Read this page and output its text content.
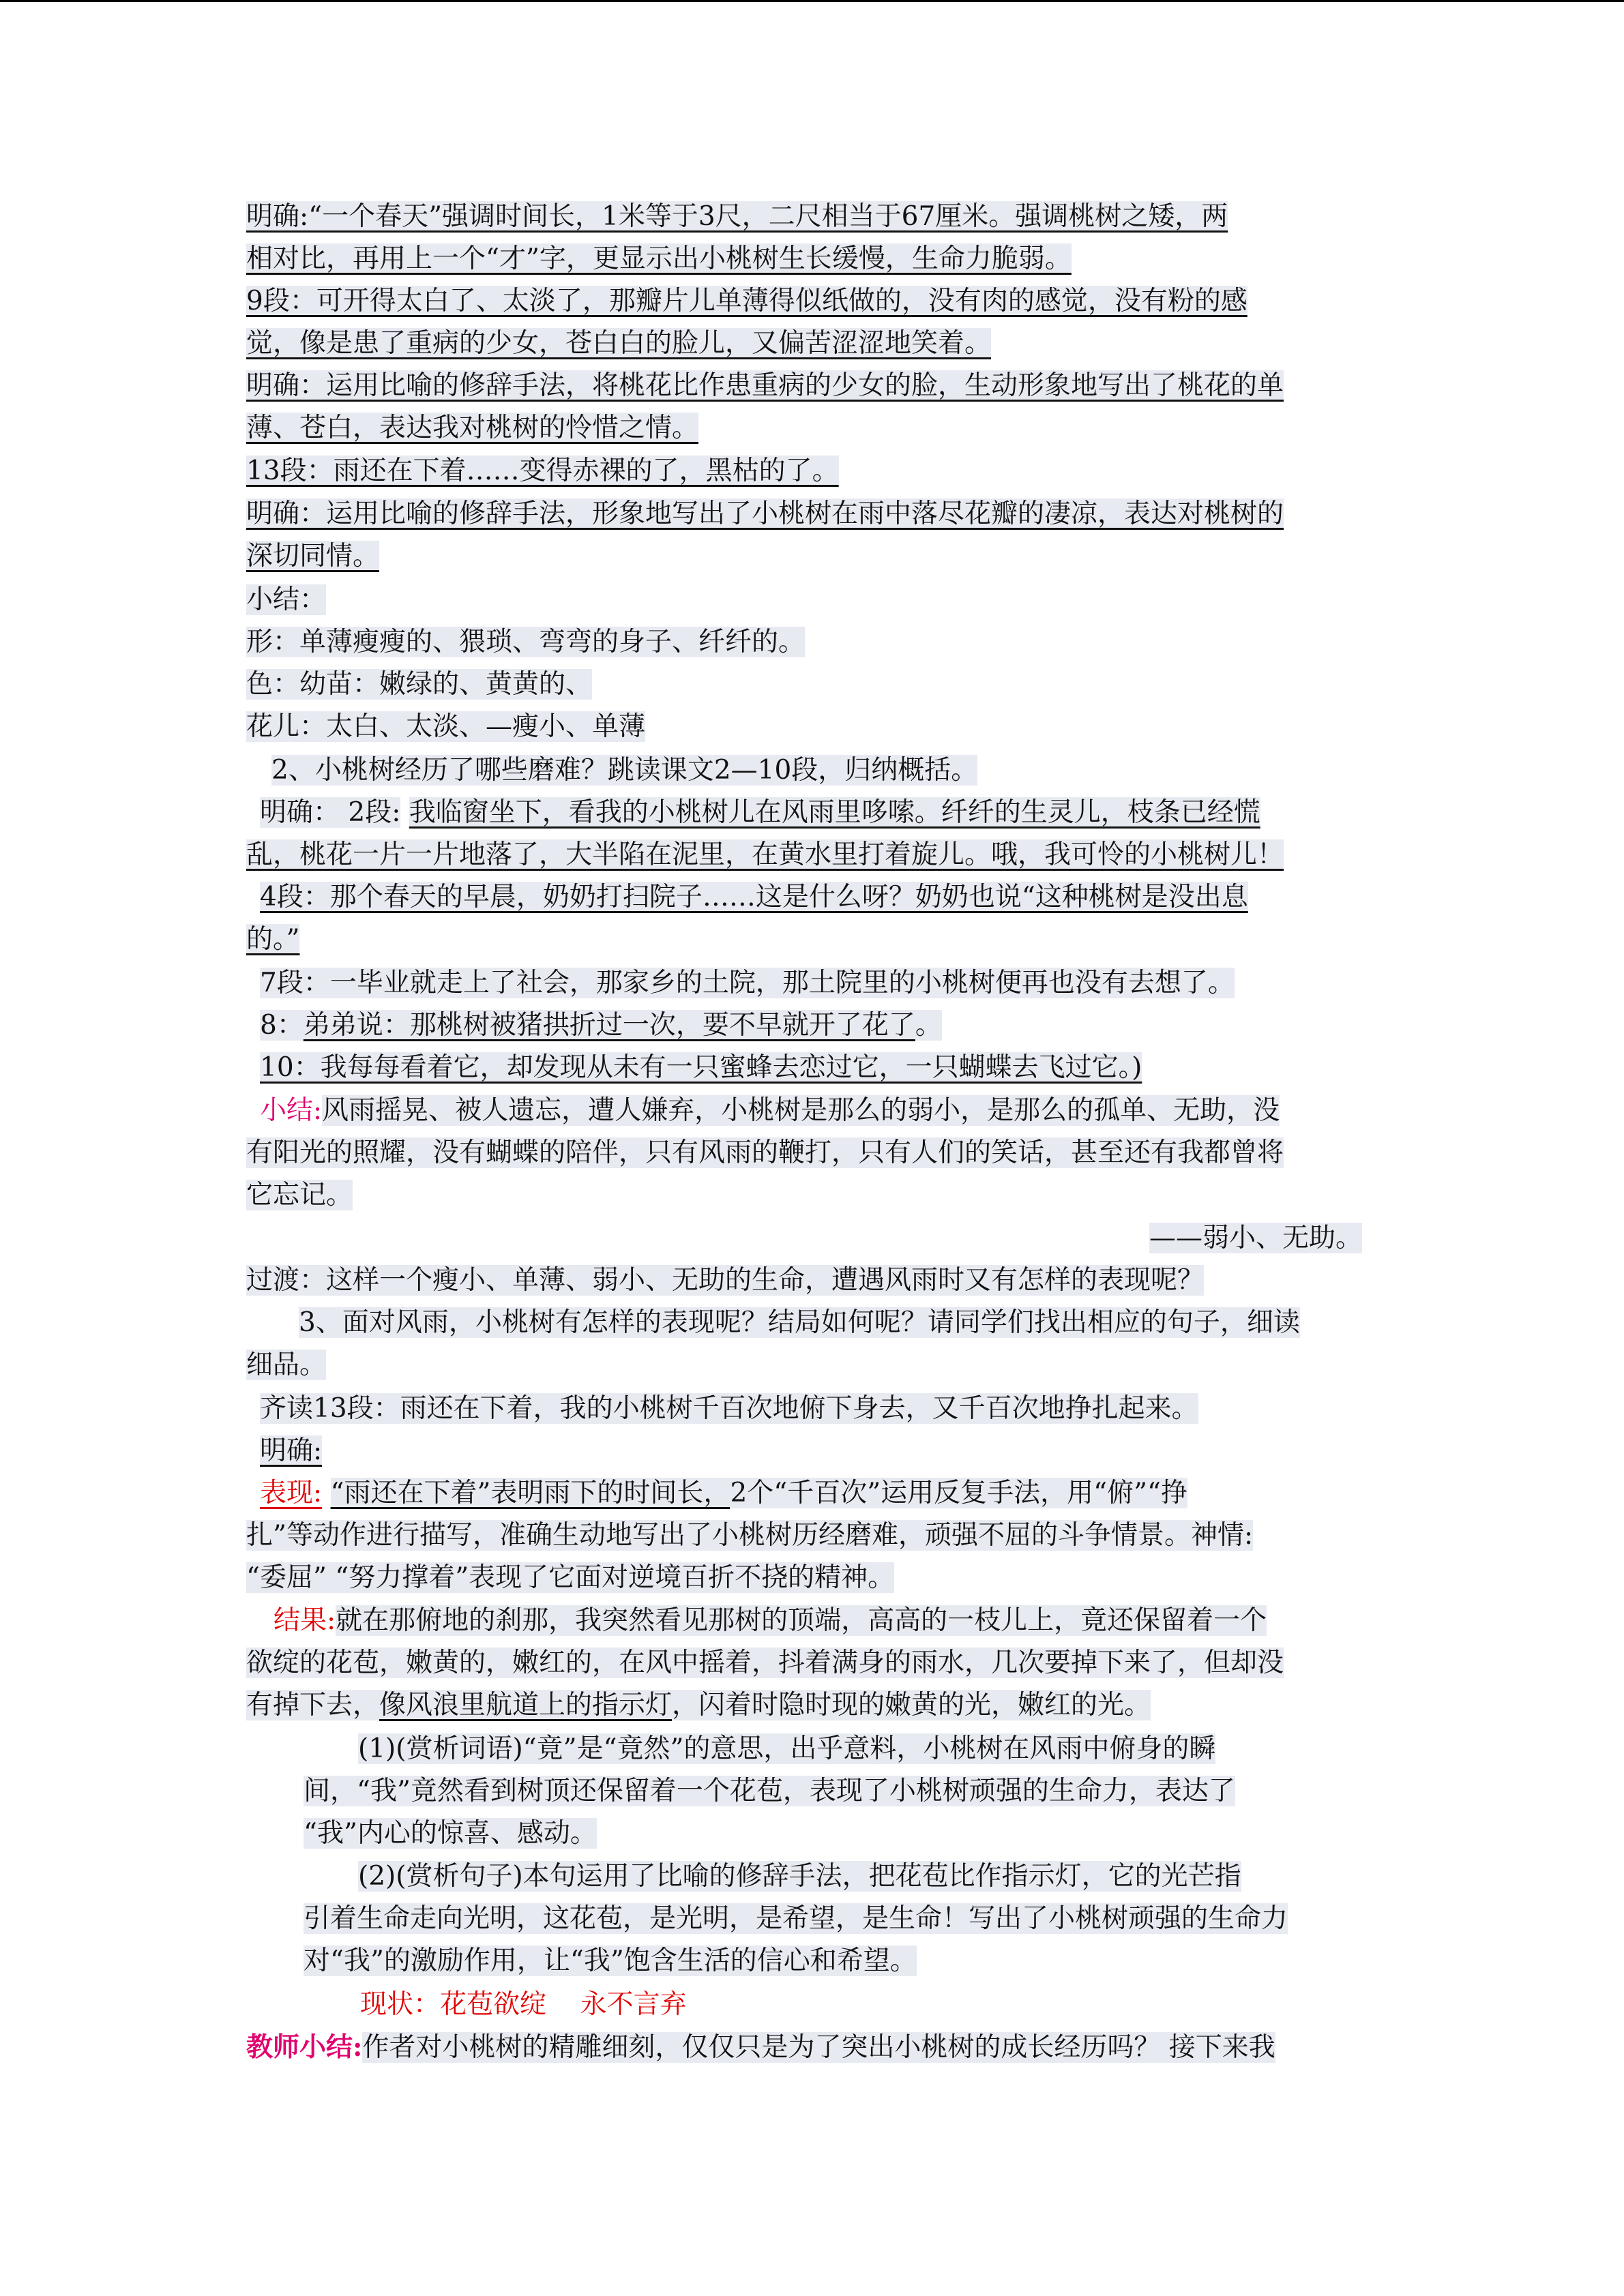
明确:“一个春天”强调时间长，1米等于3尺，二尺相当于67厘米。强调桃树之矮，两
相对比，再用上一个“才”字，更显示出小桃树生长缓慢，生命力脆弱。
9段：可开得太白了、太淡了，那瓣片儿单薄得似纸做的，没有肉的感觉，没有粉的感
觉，像是患了重病的少女，苍白白的脸儿，又偏苦涩涩地笑着。
明确：运用比喻的修辞手法，将桃花比作患重病的少女的脸，生动形象地写出了桃花的单
薄、苍白，表达我对桃树的怜惜之情。
13段：雨还在下着……变得赤裸的了，黑枯的了。
明确：运用比喻的修辞手法，形象地写出了小桃树在雨中落尽花瓣的凄凉，表达对桃树的
深切同情。
小结：
形：单薄瘦瘦的、猥琐、弯弯的身子、纤纤的。
色：幼苗：嫩绿的、黄黄的、
花儿：太白、太淡、—瘦小、单薄
2、小桃树经历了哪些磨难？跳读课文2—10段，归纳概括。
明确： 2段: 我临窗坐下，看我的小桃树儿在风雨里哆嗦。纤纤的生灵儿，枝条已经慌
乱，桃花一片一片地落了，大半陷在泥里，在黄水里打着旋儿。哦，我可怜的小桃树儿！
4段：那个春天的早晨，奶奶打扫院子……这是什么呀？奶奶也说“这种桃树是没出息
的。”
7段：一毕业就走上了社会，那家乡的土院，那土院里的小桃树便再也没有去想了。
8：弟弟说：那桃树被猪拱折过一次，要不早就开了花了。
10：我每每看着它，却发现从未有一只蜜蜂去恋过它，一只蝴蝶去飞过它。)
小结:风雨摇晃、被人遗忘，遭人嫌弃，小桃树是那么的弱小，是那么的孤单、无助，没
有阳光的照耀，没有蝴蝶的陪伴，只有风雨的鞭打，只有人们的笑话，甚至还有我都曾将
它忘记。
——弱小、无助。
过渡：这样一个瘦小、单薄、弱小、无助的生命，遭遇风雨时又有怎样的表现呢？
3、面对风雨，小桃树有怎样的表现呢？结局如何呢？请同学们找出相应的句子，细读
细品。
齐读13段：雨还在下着，我的小桃树千百次地俯下身去，又千百次地挣扎起来。
明确:
表现: “雨还在下着”表明雨下的时间长，2个“千百次”运用反复手法，用“俯”“挣
扎”等动作进行描写，准确生动地写出了小桃树历经磨难，顽强不屈的斗争情景。神情:
“委屈” “努力撑着”表现了它面对逆境百折不挠的精神。
结果:就在那俯地的刹那，我突然看见那树的顶端，高高的一枝儿上，竟还保留着一个
欲绽的花苞，嫩黄的，嫩红的，在风中摇着，抖着满身的雨水，几次要掉下来了，但却没
有掉下去，像风浪里航道上的指示灯，闪着时隐时现的嫩黄的光，嫩红的光。
(1)(赏析词语)“竟”是“竟然”的意思，出乎意料，小桃树在风雨中俯身的瞬
间，“我”竟然看到树顶还保留着一个花苞，表现了小桃树顽强的生命力，表达了
“我”内心的惊喜、感动。
(2)(赏析句子)本句运用了比喻的修辞手法，把花苞比作指示灯，它的光芒指
引着生命走向光明，这花苞，是光明，是希望，是生命！写出了小桃树顽强的生命力
对“我”的激励作用，让“我”饱含生活的信心和希望。
现状：花苞欲绽    永不言弃
教师小结:作者对小桃树的精雕细刻，仅仅只是为了突出小桃树的成长经历吗？ 接下来我
